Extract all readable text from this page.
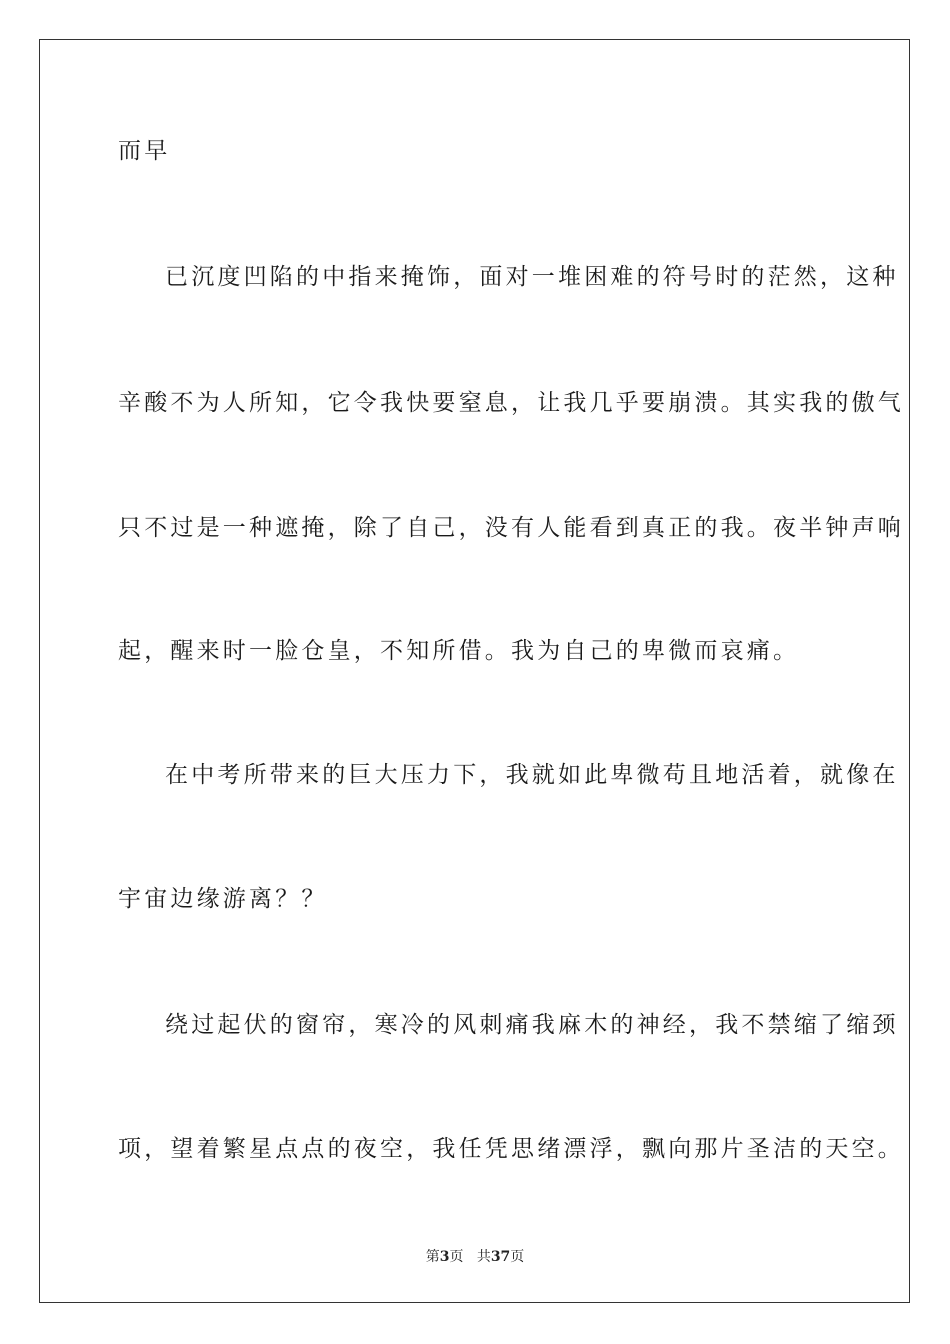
而早
已沉度凹陷的中指来掩饰，面对一堆困难的符号时的茫然，这种
辛酸不为人所知，它令我快要窒息，让我几乎要崩溃。其实我的傲气
只不过是一种遮掩，除了自己，没有人能看到真正的我。夜半钟声响
起，醒来时一脸仓皇，不知所借。我为自己的卑微而哀痛。
在中考所带来的巨大压力下，我就如此卑微苟且地活着，就像在
宇宙边缘游离？？
绕过起伏的窗帘，寒冷的风刺痛我麻木的神经，我不禁缩了缩颈
项，望着繁星点点的夜空，我任凭思绪漂浮，飘向那片圣洁的天空。
第3页 共37页
